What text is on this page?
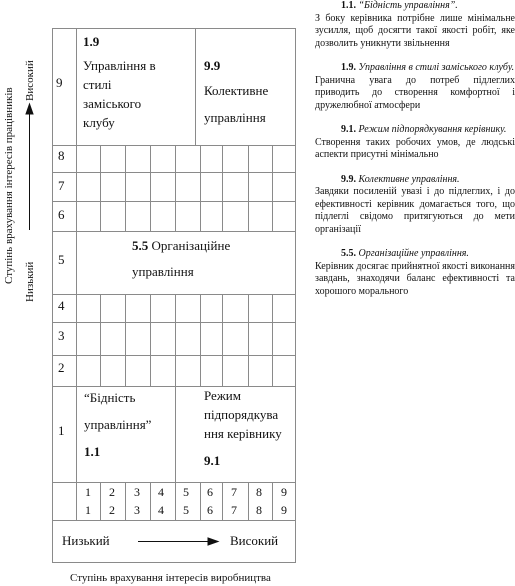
9
8
7
6
5
4
3
2
1
1
1
2
2
3
3
4
4
5
5
6
6
7
7
8
8
9
9
1.9
Управління в
стилі
заміського
клубу
9.9
Колективне
управління
5.5 Організаційне
управління
“Бідність
управління”
1.1
Режим
підпорядкува
ння керівнику
9.1
Низький	Високий
Ступінь врахування інтересів виробництва
Ступінь врахування інтересів працівників Низький
Високий

1.1. “Бідність управління”.
З боку керівника потрібне лише мінімальне зусилля, щоб досягти такої якості робіт, яке дозволить уникнути звільнення

1.9. Управління в стилі заміського клубу.
Граничнa увага до потреб підлеглих приводить до створення комфортної і дружелюбної атмосфери

9.1. Режим підпорядкування керівнику.
Створення таких робочих умов, де людські аспекти присутні мінімально

9.9. Колективне управління.
Завдяки посиленій увазі і до підлеглих, і до ефективності керівник домагається того, що підлеглі свідомо притягуються до мети організації

5.5. Організаційне управління.
Керівник досягає прийнятної якості виконання завдань, знаходячи баланс ефективності та хорошого морального
